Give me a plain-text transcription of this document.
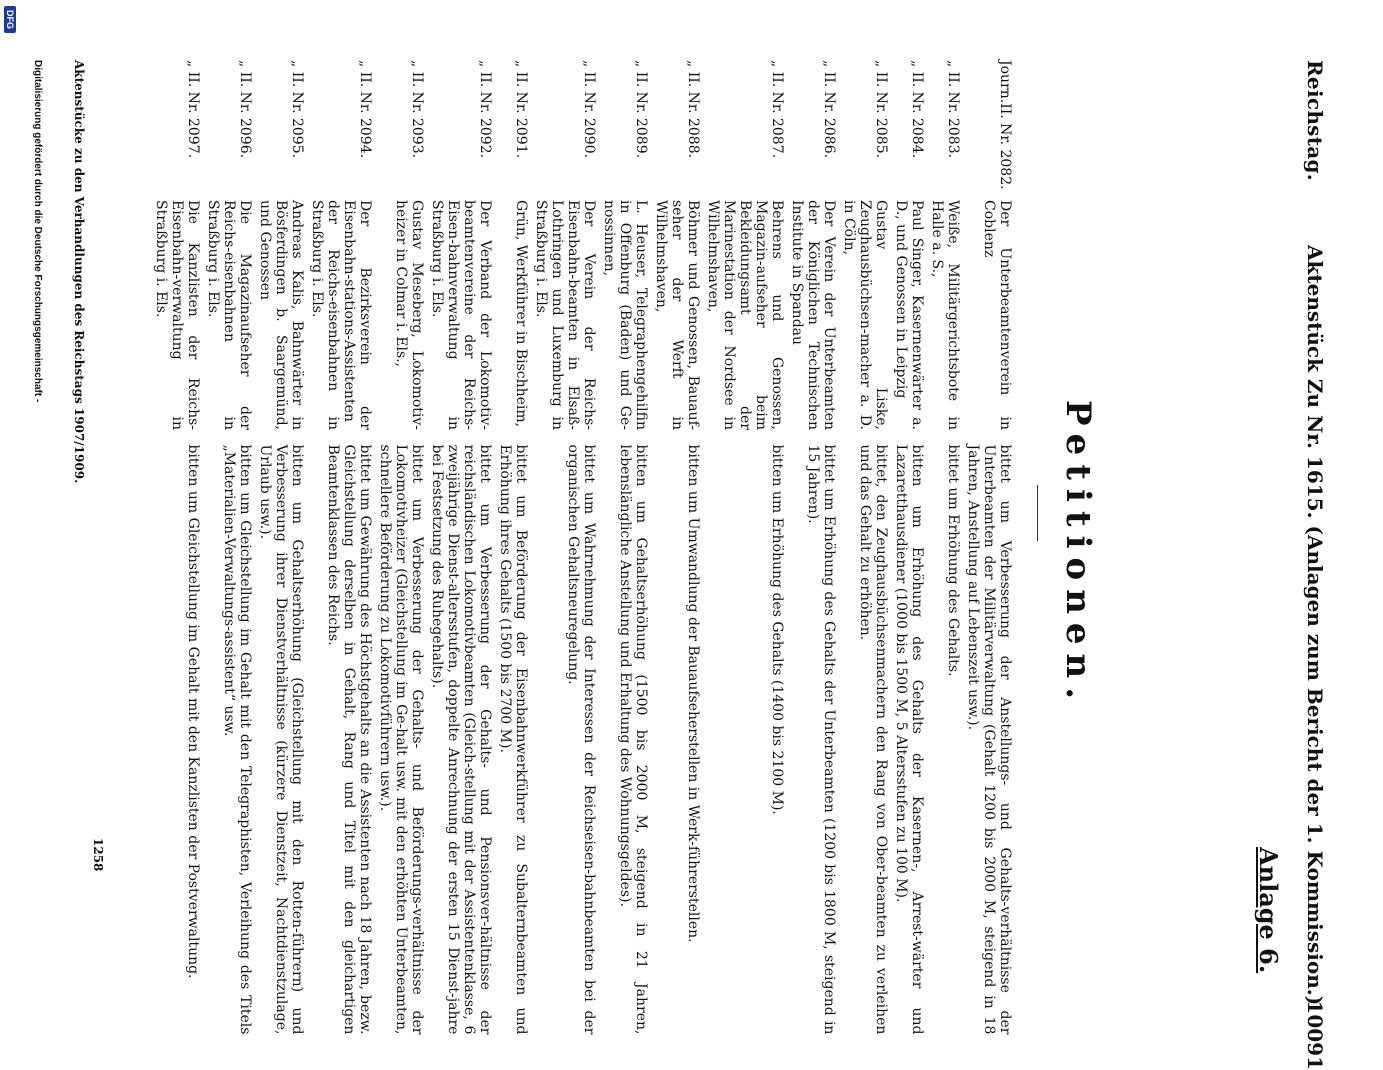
Reichstag.
Aktenstück Zu Nr. 1615. (Anlagen zum Bericht der 1. Kommission.)
10091
Anlage 6.
Petitionen.
Journ.II. Nr. 2082.
Der Unterbeamtenverein in Coblenz bittet um Verbesserung der Anstellungs- und Gehalts-verhältnisse der Unterbeamten der Militärverwaltung (Gehalt 1200 bis 2000 M, steigend in 18 Jahren, Anstellung auf Lebenszeit usw.).
„ II. Nr. 2083.
Weiße, Militärgerichtsbote in Halle a. S., bittet um Erhöhung des Gehalts.
„ II. Nr. 2084.
Paul Singer, Kasernenwärter a. D., und Genossen in Leipzig bitten um Erhöhung des Gehalts der Kasernen-, Arrest-wärter und Lazaretthausdiener (1000 bis 1500 M, 5 Altersstufen zu 100 M).
„ II. Nr. 2085.
Gustav Liske, Zeughausbüchsen-macher a. D. in Cöln, bittet, den Zeughausbüchsenmachern den Rang von Ober-beamten zu verleihen und das Gehalt zu erhöhen.
„ II. Nr. 2086.
Der Verein der Unterbeamten der Königlichen Technischen Institute in Spandau bittet um Erhöhung des Gehalts der Unterbeamten (1200 bis 1800 M, steigend in 15 Jahren).
„ II. Nr. 2087.
Behrens und Genossen, Magazin-aufseher beim Bekleidungsamt der Marinestation der Nordsee in Wilhelmshaven, bitten um Erhöhung des Gehalts (1400 bis 2100 M).
„ II. Nr. 2088.
Böhmer und Genossen, Bauauf-seher der Werft in Wilhelmshaven, bitten um Umwandlung der Bauaufseherstellen in Werk-führerstellen.
„ II. Nr. 2089.
L. Heuser, Telegraphengehilfin in Offenburg (Baden) und Ge-nossinnen, bitten um Gehaltserhöhung (1500 bis 2000 M, steigend in 21 Jahren, lebenslängliche Anstellung und Erhaltung des Wohnungsgeldes).
„ II. Nr. 2090.
Der Verein der Reichs-Eisenbahn-beamten in Elsaß-Lothringen und Luxemburg in Straßburg i. Els. bittet um Wahrnehmung der Interessen der Reichseisen-bahnbeamten bei der organischen Gehaltsneuregelung.
„ II. Nr. 2091.
Grün, Werkführer in Bischheim, bittet um Beförderung der Eisenbahnwerkführer zu Subalternbeamten und Erhöhung ihres Gehalts (1500 bis 2700 M).
„ II. Nr. 2092.
Der Verband der Lokomotiv-beamtenvereine der Reichs-Eisen-bahnverwaltung in Straßburg i. Els. bittet um Verbesserung der Gehalts- und Pensionsver-hältnisse der reichsländischen Lokomotivbeamten (Gleich-stellung mit der Assistentenklasse, 6 zweijährige Dienst-altersstufen, doppelte Anrechnung der ersten 15 Dienst-jahre bei Festsetzung des Ruhegehalts).
„ II. Nr. 2093.
Gustav Meseberg, Lokomotiv-heizer in Colmar i. Els., bittet um Verbesserung der Gehalts- und Beförderungs-verhältnisse der Lokomotivheizer (Gleichstellung im Ge-halt usw. mit den erhöhten Unterbeamten, schnellere Beförderung zu Lokomotivführern usw.).
„ II. Nr. 2094.
Der Bezirksverein der Eisenbahn-stations-Assistenten der Reichs-eisenbahnen in Straßburg i. Els. bittet um Gewährung des Höchstgehalts an die Assistenten nach 18 Jahren, bezw. Gleichstellung derselben in Gehalt, Rang und Titel mit den gleichartigen Beamtenklassen des Reichs.
„ II. Nr. 2095.
Andreas Kalis, Bahnwärter in Bösferdingen b. Saargemünd, und Genossen bitten um Gehaltserhöhung (Gleichstellung mit den Rotten-führern) und Verbesserung ihrer Dienstverhältnisse (kürzere Dienstzeit, Nachtdienstzulage, Urlaub usw.).
„ II. Nr. 2096.
Die Magazinaufseher der Reichs-eisenbahnen in Straßburg i. Els. bitten um Gleichstellung im Gehalt mit den Telegraphisten, Verleihung des Titels „Materialien-Verwaltungs-assistent“ usw.
„ II. Nr. 2097.
Die Kanzlisten der Reichs-Eisenbahn-verwaltung in Straßburg i. Els. bitten um Gleichstellung im Gehalt mit den Kanzlisten der Postverwaltung.
Aktenstücke zu den Verhandlungen des Reichstags 1907/1909.
1258
Digitalisierung gefördert durch die Deutsche Forschungsgemeinschaft -
DFG
